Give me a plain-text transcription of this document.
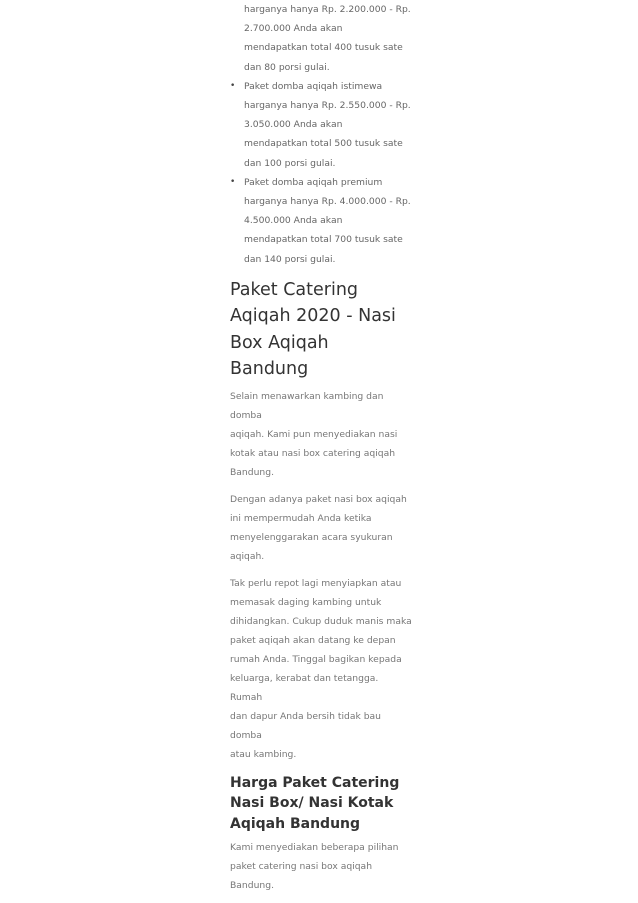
harganya hanya Rp. 2.200.000 - Rp.
2.700.000 Anda akan
mendapatkan total 400 tusuk sate
dan 80 porsi gulai.
• Paket domba aqiqah istimewa
harganya hanya Rp. 2.550.000 - Rp.
3.050.000 Anda akan
mendapatkan total 500 tusuk sate
dan 100 porsi gulai.
• Paket domba aqiqah premium
harganya hanya Rp. 4.000.000 - Rp.
4.500.000 Anda akan
mendapatkan total 700 tusuk sate
dan 140 porsi gulai.
Paket Catering
Aqiqah 2020 - Nasi
Box Aqiqah
Bandung

Selain menawarkan kambing dan domba
aqiqah. Kami pun menyediakan nasi
kotak atau nasi box catering aqiqah
Bandung.

Dengan adanya paket nasi box aqiqah
ini mempermudah Anda ketika
menyelenggarakan acara syukuran
aqiqah.

Tak perlu repot lagi menyiapkan atau
memasak daging kambing untuk
dihidangkan. Cukup duduk manis maka
paket aqiqah akan datang ke depan
rumah Anda. Tinggal bagikan kepada
keluarga, kerabat dan tetangga. Rumah
dan dapur Anda bersih tidak bau domba
atau kambing.

Harga Paket Catering
Nasi Box/ Nasi Kotak
Aqiqah Bandung

Kami menyediakan beberapa pilihan
paket catering nasi box aqiqah
Bandung.
